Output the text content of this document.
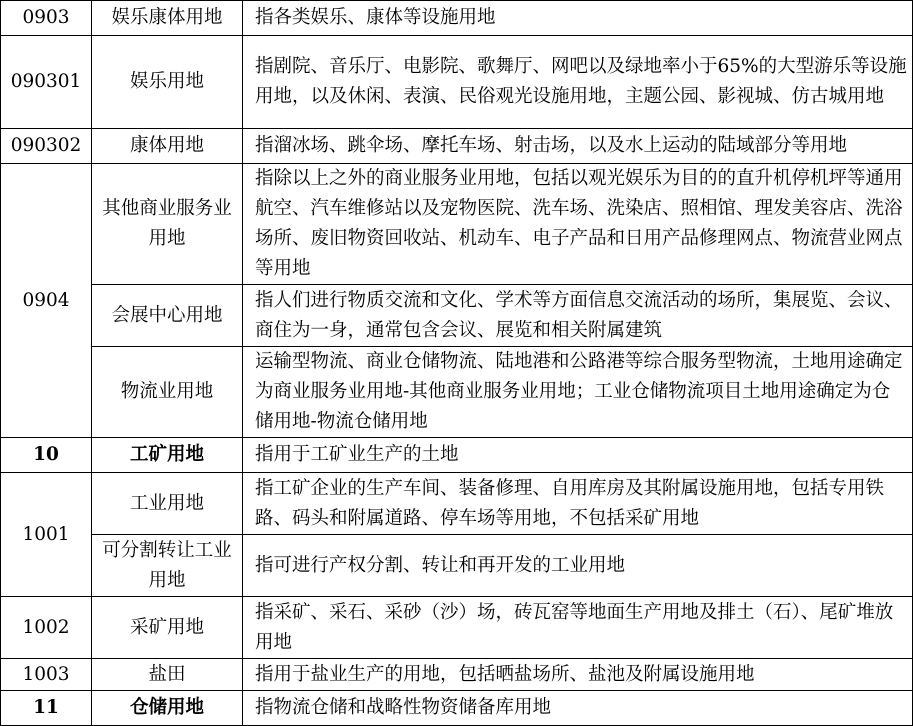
0903	娱乐康体用地	指各类娱乐、康体等设施用地
090301	娱乐用地	指剧院、音乐厅、电影院、歌舞厅、网吧以及绿地率小于65%的大型游乐等设施用地，以及休闲、表演、民俗观光设施用地，主题公园、影视城、仿古城用地
090302	康体用地	指溜冰场、跳伞场、摩托车场、射击场，以及水上运动的陆域部分等用地
0904	其他商业服务业用地	指除以上之外的商业服务业用地，包括以观光娱乐为目的的直升机停机坪等通用航空、汽车维修站以及宠物医院、洗车场、洗染店、照相馆、理发美容店、洗浴场所、废旧物资回收站、机动车、电子产品和日用产品修理网点、物流营业网点等用地
	会展中心用地	指人们进行物质交流和文化、学术等方面信息交流活动的场所，集展览、会议、商住为一身，通常包含会议、展览和相关附属建筑
	物流业用地	运输型物流、商业仓储物流、陆地港和公路港等综合服务型物流，土地用途确定为商业服务业用地-其他商业服务业用地；工业仓储物流项目土地用途确定为仓储用地-物流仓储用地
10	工矿用地	指用于工矿业生产的土地
1001	工业用地	指工矿企业的生产车间、装备修理、自用库房及其附属设施用地，包括专用铁路、码头和附属道路、停车场等用地，不包括采矿用地
	可分割转让工业用地	指可进行产权分割、转让和再开发的工业用地
1002	采矿用地	指采矿、采石、采砂（沙）场，砖瓦窑等地面生产用地及排土（石）、尾矿堆放用地
1003	盐田	指用于盐业生产的用地，包括晒盐场所、盐池及附属设施用地
11	仓储用地	指物流仓储和战略性物资储备库用地
